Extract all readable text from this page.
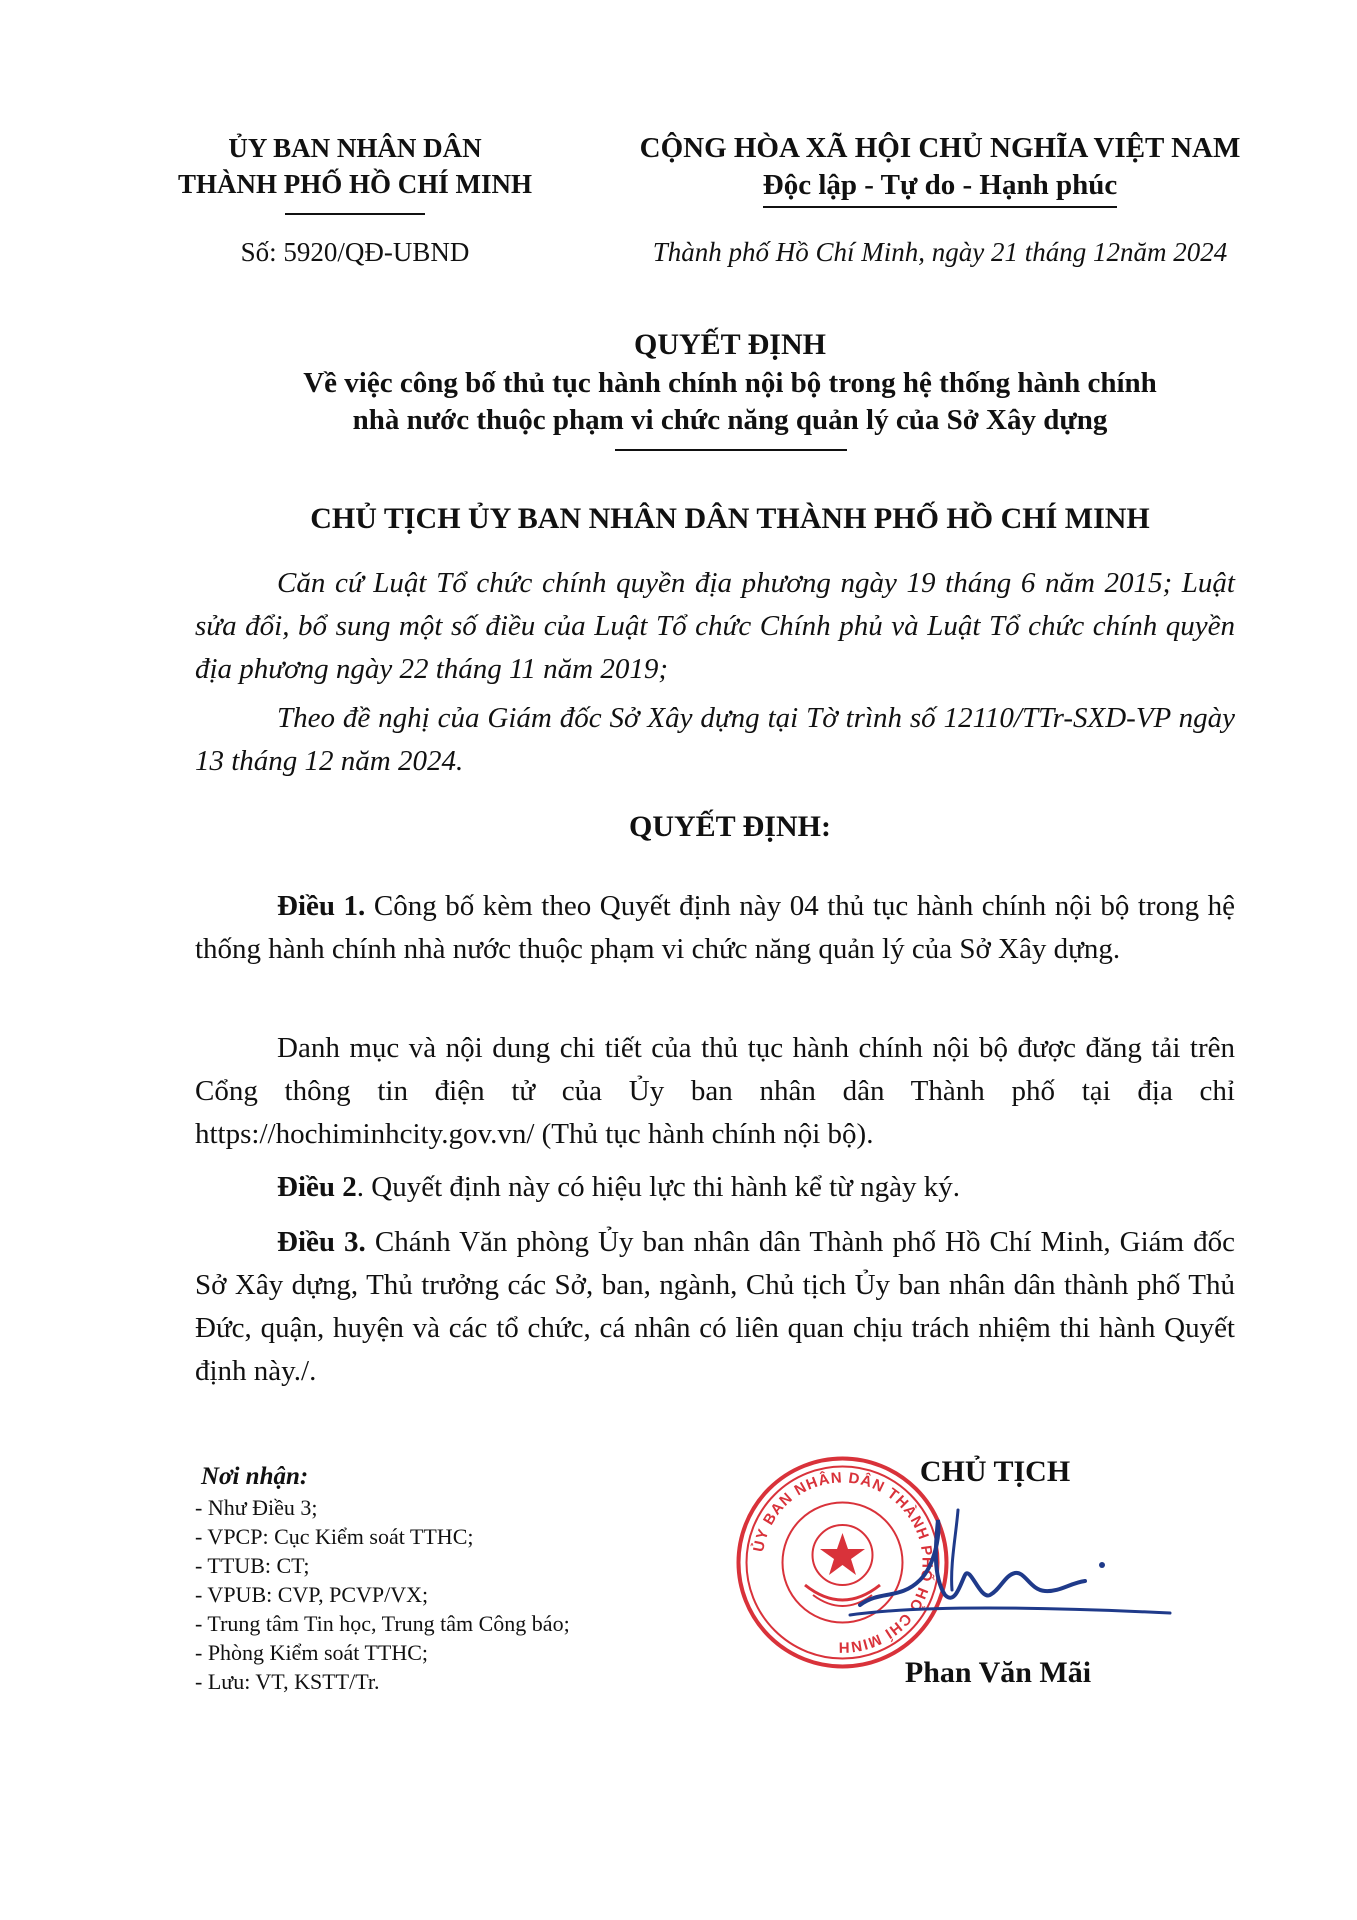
ỦY BAN NHÂN DÂN
THÀNH PHỐ HỒ CHÍ MINH
CỘNG HÒA XÃ HỘI CHỦ NGHĨA VIỆT NAM
Độc lập - Tự do - Hạnh phúc
Số: 5920/QĐ-UBND	Thành phố Hồ Chí Minh, ngày 21 tháng 12năm 2024
QUYẾT ĐỊNH
Về việc công bố thủ tục hành chính nội bộ trong hệ thống hành chính
nhà nước thuộc phạm vi chức năng quản lý của Sở Xây dựng
CHỦ TỊCH ỦY BAN NHÂN DÂN THÀNH PHỐ HỒ CHÍ MINH
Căn cứ Luật Tổ chức chính quyền địa phương ngày 19 tháng 6 năm 2015; Luật sửa đổi, bổ sung một số điều của Luật Tổ chức Chính phủ và Luật Tổ chức chính quyền địa phương ngày 22 tháng 11 năm 2019;
Theo đề nghị của Giám đốc Sở Xây dựng tại Tờ trình số 12110/TTr-SXD-VP ngày 13 tháng 12 năm 2024.
QUYẾT ĐỊNH:
Điều 1. Công bố kèm theo Quyết định này 04 thủ tục hành chính nội bộ trong hệ thống hành chính nhà nước thuộc phạm vi chức năng quản lý của Sở Xây dựng.
Danh mục và nội dung chi tiết của thủ tục hành chính nội bộ được đăng tải trên Cổng thông tin điện tử của Ủy ban nhân dân Thành phố tại địa chỉ https://hochiminhcity.gov.vn/ (Thủ tục hành chính nội bộ).
Điều 2. Quyết định này có hiệu lực thi hành kể từ ngày ký.
Điều 3. Chánh Văn phòng Ủy ban nhân dân Thành phố Hồ Chí Minh, Giám đốc Sở Xây dựng, Thủ trưởng các Sở, ban, ngành, Chủ tịch Ủy ban nhân dân thành phố Thủ Đức, quận, huyện và các tổ chức, cá nhân có liên quan chịu trách nhiệm thi hành Quyết định này./.
Nơi nhận:
- Như Điều 3;
- VPCP: Cục Kiểm soát TTHC;
- TTUB: CT;
- VPUB: CVP, PCVP/VX;
- Trung tâm Tin học, Trung tâm Công báo;
- Phòng Kiểm soát TTHC;
- Lưu: VT, KSTT/Tr.
ỦY BAN NHÂN DÂN THÀNH PHỐ HỒ CHÍ MINH
CHỦ TỊCH
Phan Văn Mãi
